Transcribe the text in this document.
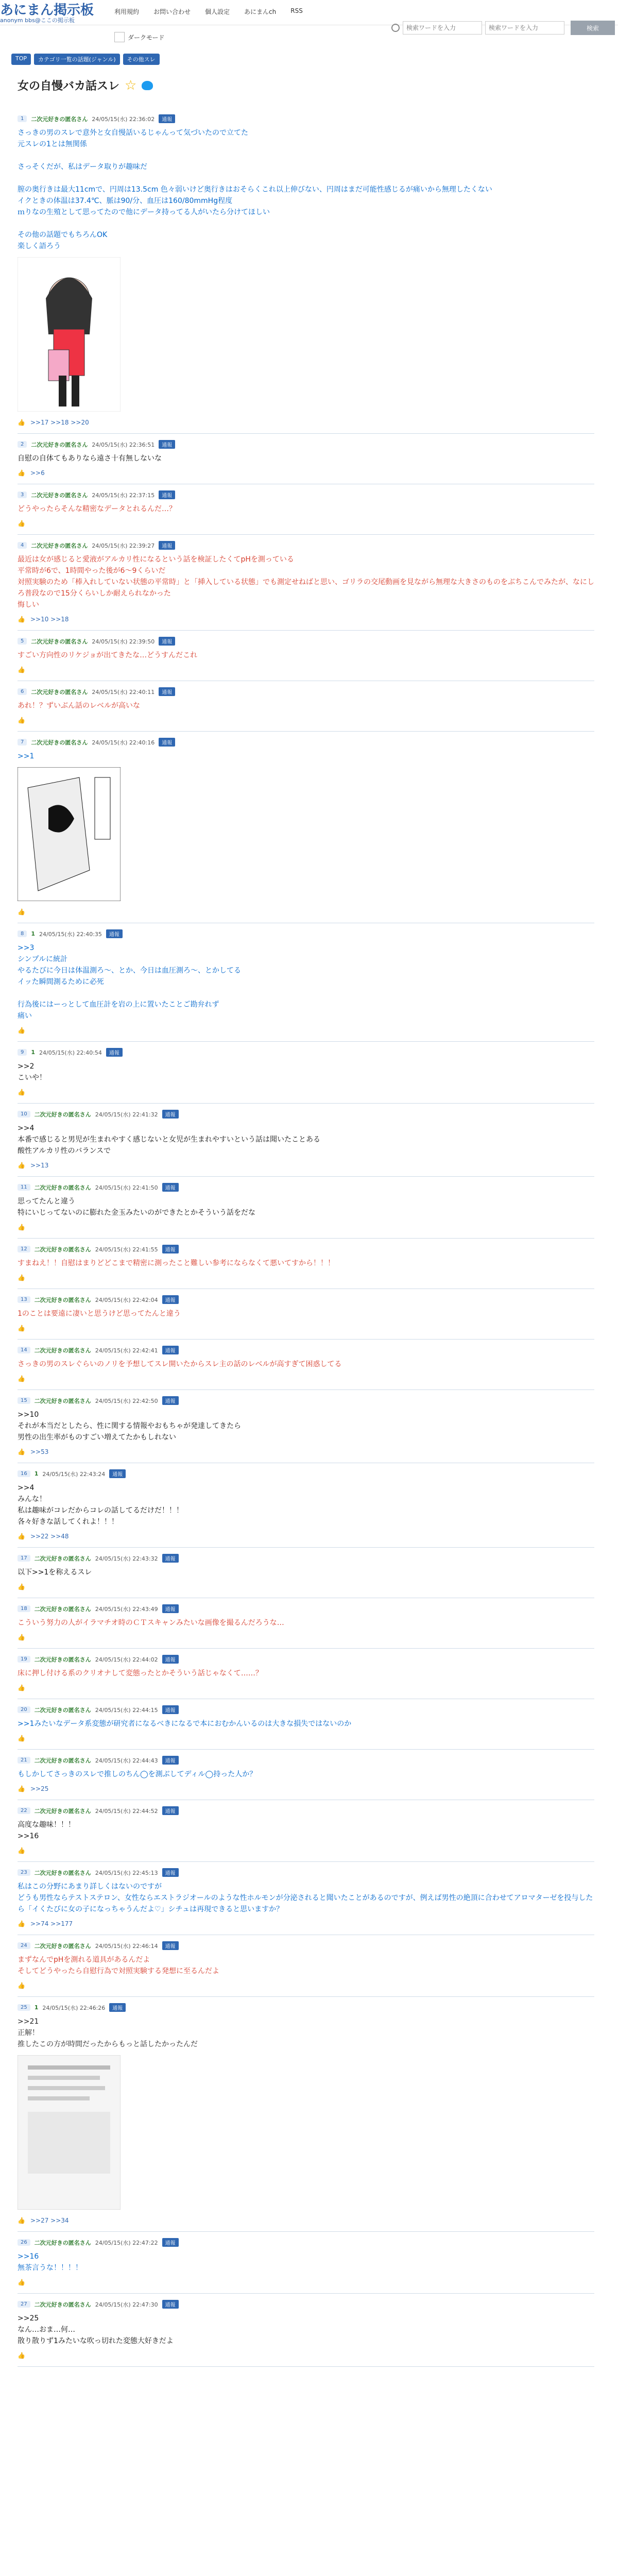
あにまん掲示板
anonym bbs@ここの掲示板
利用規約 お問い合わせ 個人設定 あにまんch RSS
検索ワードを入力
検索ワードを入力
検索
ダークモード
TOP	カテゴリ一覧の話題(ジャンル)	その他スレ
女の自慢バカ話スレ ☆
1	二次元好きの匿名さん 24/05/15(水) 22:36:02	通報
さっきの男のスレで意外と女自慢話いるじゃんって気づいたので立てた
元スレの1とは無関係

さっそくだが、私はデータ取りが趣味だ

膣の奥行きは最大11cmで、円周は13.5cm 色々弱いけど奥行きはおそらくこれ以上伸びない、円周はまだ可能性感じるが痛いから無理したくない
イクときの体温は37.4℃、脈は90/分、血圧は160/80mmHg程度
ｍりなの生殖として思ってたので他にデータ持ってる人がいたら分けてほしい

その他の話題でもちろんOK
楽しく語ろう
👍 >>17 >>18 >>20
2	二次元好きの匿名さん 24/05/15(水) 22:36:51	通報
自慰の自体てもありなら遠さ十有無しないな
👍 >>6
3	二次元好きの匿名さん 24/05/15(水) 22:37:15	通報
どうやったらそんな精密なデータとれるんだ…？
👍
4	二次元好きの匿名さん 24/05/15(水) 22:39:27	通報
最近は女が感じると愛液がアルカリ性になるという話を検証したくてpHを測っている
平常時が6で、1時間やった後が6〜9くらいだ
対照実験のため「棒入れしていない状態の平常時」と「挿入している状態」でも測定せねばと思い、ゴリラの交尾動画を見ながら無理な大きさのものをぶちこんでみたが、なにしろ普段なので15分くらいしか耐えられなかった
悔しい
👍 >>10 >>18
5	二次元好きの匿名さん 24/05/15(水) 22:39:50	通報
すごい方向性のリケジョが出てきたな…どうすんだこれ
👍
6	二次元好きの匿名さん 24/05/15(水) 22:40:11	通報
あれ！？ずいぶん話のレベルが高いな
👍
7	二次元好きの匿名さん 24/05/15(水) 22:40:16	通報
>>1
👍
8	1 24/05/15(水) 22:40:35	通報
>>3
シンプルに統計
やるたびに今日は体温測ろ〜、とか、今日は血圧測ろ〜、とかしてる
イッた瞬間測るために必死

行為後にはーっとして血圧計を岩の上に置いたことご勘弁れず
痛い
👍
9	1 24/05/15(水) 22:40:54	通報
>>2
こいや！
👍
10	二次元好きの匿名さん 24/05/15(水) 22:41:32	通報
>>4
本番で感じると男児が生まれやすく感じないと女児が生まれやすいという話は聞いたことある
酸性アルカリ性のバランスで
👍 >>13
11	二次元好きの匿名さん 24/05/15(水) 22:41:50	通報
思ってたんと違う
特にいじってないのに膨れた金玉みたいのができたとかそういう話をだな
👍
12	二次元好きの匿名さん 24/05/15(水) 22:41:55	通報
すまねえ！！自慰はまりどどこまで精密に測ったこと難しい参考にならなくて悪いてすから！！！
👍
13	二次元好きの匿名さん 24/05/15(水) 22:42:04	通報
1のことは要遠に凄いと思うけど思ってたんと違う
👍
14	二次元好きの匿名さん 24/05/15(水) 22:42:41	通報
さっきの男のスレぐらいのノリを予想してスレ開いたからスレ主の話のレベルが高すぎて困惑してる
👍
15	二次元好きの匿名さん 24/05/15(水) 22:42:50	通報
>>10
それが本当だとしたら、性に関する情報やおもちゃが発達してきたら
男性の出生率がものすごい増えてたかもしれない
👍 >>53
16	1 24/05/15(水) 22:43:24	通報
>>4
みんな！
私は趣味がコレだからコレの話してるだけだ！！！
各々好きな話してくれよ！！！
👍 >>22 >>48
17	二次元好きの匿名さん 24/05/15(水) 22:43:32	通報
以下>>1を称えるスレ
👍
18	二次元好きの匿名さん 24/05/15(水) 22:43:49	通報
こういう努力の人がイラマチオ時のＣＴスキャンみたいな画像を撮るんだろうな…
👍
19	二次元好きの匿名さん 24/05/15(水) 22:44:02	通報
床に押し付ける系のクリオナして変態ったとかそういう話じゃなくて……？
👍
20	二次元好きの匿名さん 24/05/15(水) 22:44:15	通報
>>1みたいなデータ系変態が研究者になるべきになるで本におむかんいるのは大きな損失ではないのか
👍
21	二次元好きの匿名さん 24/05/15(水) 22:44:43	通報
もしかしてさっきのスレで推しのちん◯を測ぶしてディル◯持った人か？
👍 >>25
22	二次元好きの匿名さん 24/05/15(水) 22:44:52	通報
高度な趣味！！！
>>16
👍
23	二次元好きの匿名さん 24/05/15(水) 22:45:13	通報
私はこの分野にあまり詳しくはないのですが
どうも男性ならテストステロン、女性ならエストラジオールのような性ホルモンが分泌されると聞いたことがあるのですが、例えば男性の絶頂に合わせてアロマターゼを投与したら「イくたびに女の子になっちゃうんだよ♡」シチュは再現できると思いますか？
👍 >>74 >>177
24	二次元好きの匿名さん 24/05/15(水) 22:46:14	通報
まずなんでpHを測れる道具があるんだよ
そしてどうやったら自慰行為で対照実験する発想に至るんだよ
👍
25	1 24/05/15(水) 22:46:26	通報
>>21
正解！
推したこの方が時間だったからもっと話したかったんだ
👍 >>27 >>34
26	二次元好きの匿名さん 24/05/15(水) 22:47:22	通報
>>16
無茶言うな！！！！
👍
27	二次元好きの匿名さん 24/05/15(水) 22:47:30	通報
>>25
なん…おま…何…
散り散りず1みたいな吹っ切れた変態大好きだよ
👍
